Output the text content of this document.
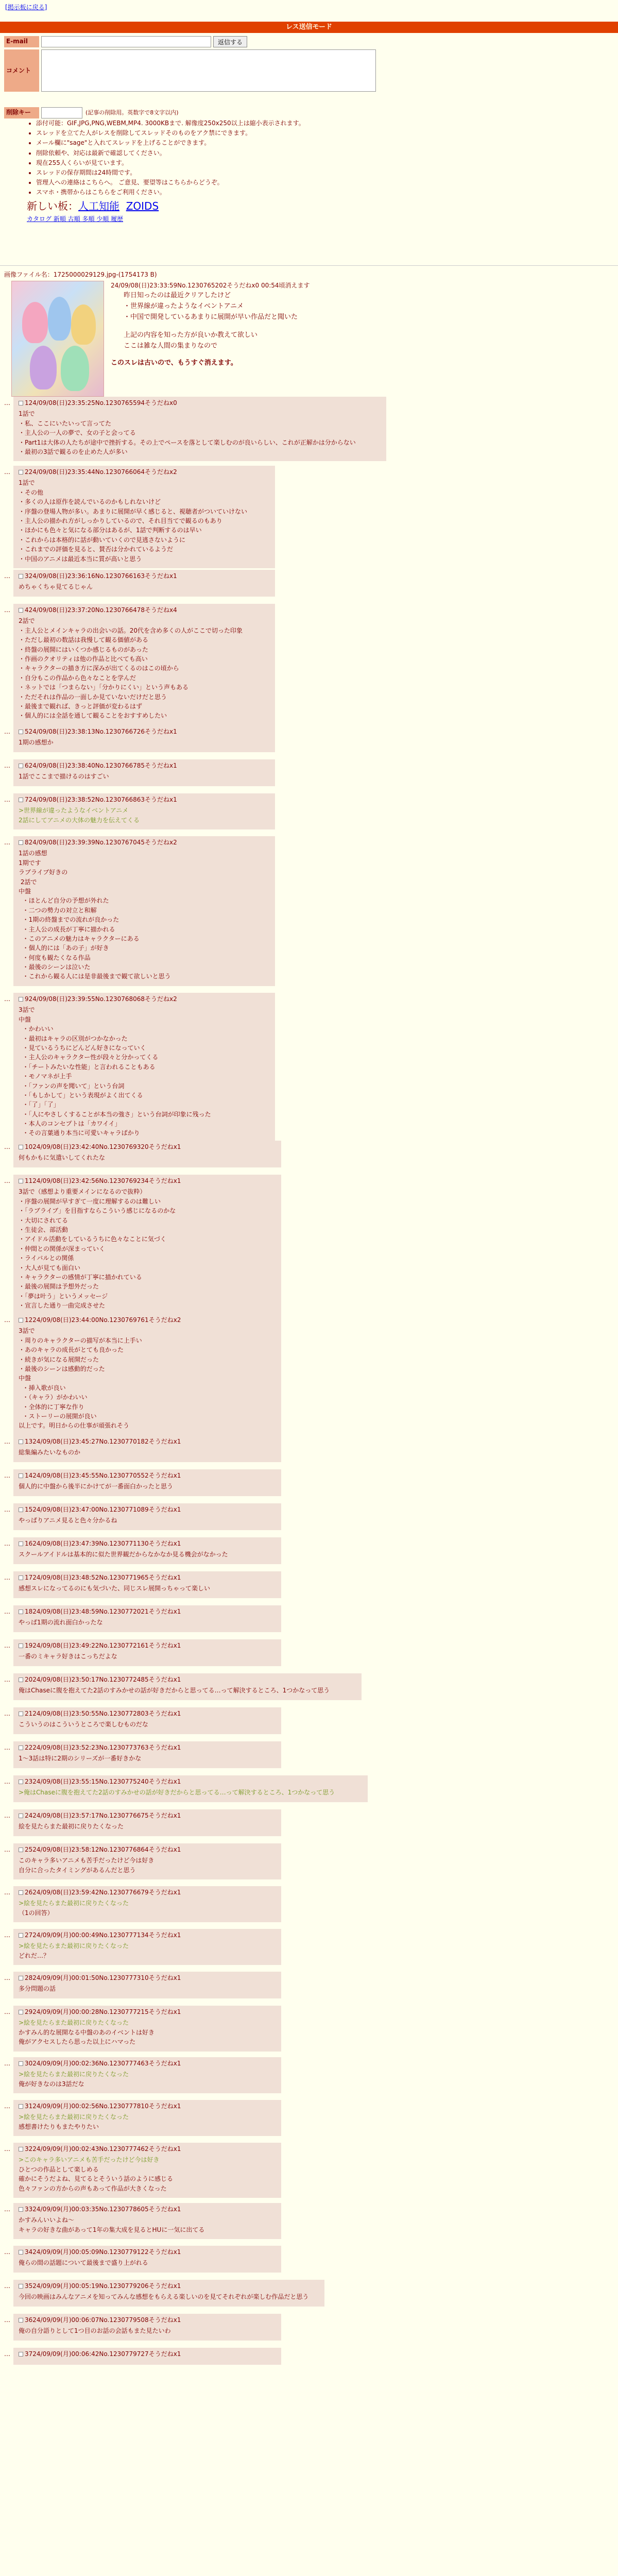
[掲示板に戻る]
レス送信モード
E-mail	返信する
コメント
削除キー	(記事の削除用。英数字で8文字以内)
• 添付可能：GIF,JPG,PNG,WEBM,MP4. 3000KBまで. 解像度250x250以上は縮小表示されます。
• スレッドを立てた人がレスを削除してスレッドそのものをアク禁にできます。
• メール欄に"sage"と入れてスレッドを上げることができます。
• 削除依頼や、対応は最新で確認してください。
• 現在255人くらいが見ています。
• スレッドの保存期間は24時間です。
• 管理人への連絡はこちらへ。 ご意見、要望等はこちらからどうぞ。
• スマホ・携帯からはこちらをご利用ください。
新しい板：人工知能 ZOIDS
カタログ 新順 古順 多順 少順 履歴
画像ファイル名：1725000029129.jpg-(1754173 B)
24/09/08(日)23:33:59No.1230765202そうだねx0 00:54頃消えます

昨日知ったのは最近クリアしたけど

・世界線が違ったようなイベントアニメ

・中国で開発しているあまりに展開が早い作品だと聞いた

上記の内容を知った方が良いか教えて欲しい

ここは雑な人間の集まりなので

このスレは古いので、もうすぐ消えます。
…	124/09/08(日)23:35:25No.1230765594そうだねx0
1話で
・私、ここにいたいって言ってた
・主人公の一人の夢で、女の子と会ってる
・Part1は大体の人たちが途中で挫折する。その上でペースを落として楽しむのが良いらしい、これが正解かは分からない
・最初の3話で観るのを止めた人が多い
…	224/09/08(日)23:35:44No.1230766064そうだねx2
1話で
・その他
・多くの人は原作を読んでいるのかもしれないけど
・序盤の登場人物が多い。あまりに展開が早く感じると、視聴者がついていけない
・主人公の描かれ方がしっかりしているので、それ目当てで観るのもあり
・ほかにも色々と気になる部分はあるが、1話で判断するのは早い
・これからは本格的に話が動いていくので見逃さないように
・これまでの評価を見ると、賛否は分かれているようだ
・中国のアニメは最近本当に質が高いと思う
…	324/09/08(日)23:36:16No.1230766163そうだねx1
めちゃくちゃ見てるじゃん
…	424/09/08(日)23:37:20No.1230766478そうだねx4
2話で
・主人公とメインキャラの出会いの話。20代を含め多くの人がここで切った印象
・ただし最初の数話は我慢して観る価値がある
・終盤の展開にはいくつか感じるものがあった
・作画のクオリティは他の作品と比べても高い
・キャラクターの描き方に深みが出てくるのはこの頃から
・自分もこの作品から色々なことを学んだ
・ネットでは「つまらない」「分かりにくい」という声もある
・ただそれは作品の一面しか見ていないだけだと思う
・最後まで観れば、きっと評価が変わるはず
・個人的には全話を通して観ることをおすすめしたい
…	524/09/08(日)23:38:13No.1230766726そうだねx1
1期の感想か
…	624/09/08(日)23:38:40No.1230766785そうだねx1
1話でここまで描けるのはすごい
…	724/09/08(日)23:38:52No.1230766863そうだねx1
>世界線が違ったようなイベントアニメ
2話にしてアニメの大体の魅力を伝えてくる
…	824/09/08(日)23:39:39No.1230767045そうだねx2
1話の感想
1期です
ラブライブ好きの
2話で
中盤
・ほとんど自分の予想が外れた
・二つの勢力の対立と和解
・1期の終盤までの流れが良かった
・主人公の成長が丁寧に描かれる
・このアニメの魅力はキャラクターにある
・個人的には「あの子」が好き
・何度も観たくなる作品
・最後のシーンは泣いた
・これから観る人には是非最後まで観て欲しいと思う
…	924/09/08(日)23:39:55No.1230768068そうだねx2
3話で
中盤
・かわいい
・最初はキャラの区別がつかなかった
・見ているうちにどんどん好きになっていく
・主人公のキャラクター性が段々と分かってくる
・「チートみたいな性能」と言われることもある
・モノマネが上手
・「ファンの声を聞いて」という台詞
・「もしかして」という表現がよく出てくる
・「了」「了」
・「人にやさしくすることが本当の強さ」という台詞が印象に残った
・本人のコンセプトは「カワイイ」
・その言葉通り本当に可愛いキャラばかり
…	1024/09/08(日)23:42:40No.1230769320そうだねx1
何もかもに気遣いしてくれたな
…	1124/09/08(日)23:42:56No.1230769234そうだねx1
3話で（感想より重要メインになるので抜粋）
・序盤の展開が早すぎて一度に理解するのは難しい
・「ラブライブ」を目指すならこういう感じになるのかな
・大切にされてる
・生徒会、部活動
・アイドル活動をしているうちに色々なことに気づく
・仲間との関係が深まっていく
・ライバルとの関係
・大人が見ても面白い
・キャラクターの感情が丁寧に描かれている
・最後の展開は予想外だった
・「夢は叶う」というメッセージ
・宣言した通り一曲完成させた
…	1224/09/08(日)23:44:00No.1230769761そうだねx2
3話で
・周りのキャラクターの描写が本当に上手い
・あのキャラの成長がとても良かった
・続きが気になる展開だった
・最後のシーンは感動的だった
中盤
・挿入歌が良い
・（キャラ）がかわいい
・全体的に丁寧な作り
・ストーリーの展開が良い
以上です。明日からの仕事が頑張れそう
…	1324/09/08(日)23:45:27No.1230770182そうだねx1
総集編みたいなものか
…	1424/09/08(日)23:45:55No.1230770552そうだねx1
個人的に中盤から後半にかけてが一番面白かったと思う
…	1524/09/08(日)23:47:00No.1230771089そうだねx1
やっぱりアニメ見ると色々分かるね
…	1624/09/08(日)23:47:39No.1230771130そうだねx1
スクールアイドルは基本的に似た世界観だからなかなか見る機会がなかった
…	1724/09/08(日)23:48:52No.1230771965そうだねx1
感想スレになってるのにも気づいた、同じスレ展開っちゃって楽しい
…	1824/09/08(日)23:48:59No.1230772021そうだねx1
やっぱ1期の流れ面白かったな
…	1924/09/08(日)23:49:22No.1230772161そうだねx1
一番のミキャラ好きはこっちだよな
…	2024/09/08(日)23:50:17No.1230772485そうだねx1
俺はChaseに腹を抱えてた2話のすみかせの話が好きだからと思ってる…って解決するところ、1つかなって思う
…	2124/09/08(日)23:50:55No.1230772803そうだねx1
こういうのはこういうところで楽しむものだな
…	2224/09/08(日)23:52:23No.1230773763そうだねx1
1〜3話は特に2期のシリーズが一番好きかな
…	2324/09/08(日)23:55:15No.1230775240そうだねx1
>俺はChaseに腹を抱えてた2話のすみかせの話が好きだからと思ってる…って解決するところ、1つかなって思う
…	2424/09/08(日)23:57:17No.1230776675そうだねx1
絵を見たらまた最初に戻りたくなった
…	2524/09/08(日)23:58:12No.1230776864そうだねx1
このキャラ多いアニメも苦手だったけど今は好き
自分に合ったタイミングがあるんだと思う
…	2624/09/08(日)23:59:42No.1230776679そうだねx1
>絵を見たらまた最初に戻りたくなった
（1の回答）
…	2724/09/09(月)00:00:49No.1230777134そうだねx1
>絵を見たらまた最初に戻りたくなった
どれだ…？
…	2824/09/09(月)00:01:50No.1230777310そうだねx1
多分問題の話
…	2924/09/09(月)00:00:28No.1230777215そうだねx1
>絵を見たらまた最初に戻りたくなった
かすみん的な展開なる中盤のあのイベントは好き
俺がアクセスしたら思った以上にハマった
…	3024/09/09(月)00:02:36No.1230777463そうだねx1
>絵を見たらまた最初に戻りたくなった
俺が好きなのは3話だな
…	3124/09/09(月)00:02:56No.1230777810そうだねx1
>絵を見たらまた最初に戻りたくなった
感想書けたりもまたやりたい
…	3224/09/09(月)00:02:43No.1230777462そうだねx1
>このキャラ多いアニメも苦手だったけど今は好き
ひとつの作品として楽しめる
確かにそうだよね、見てるとそういう話のように感じる
色々ファンの方からの声もあって作品が大きくなった
…	3324/09/09(月)00:03:35No.1230778605そうだねx1
かすみんいいよね〜
キャラの好きな曲があって1年の集大成を見るとHUに一気に出てる
…	3424/09/09(月)00:05:09No.1230779122そうだねx1
俺らの間の話題について最後まで盛り上がれる
…	3524/09/09(月)00:05:19No.1230779206そうだねx1
今回の映画はみんなアニメを知ってみんな感想をもらえる楽しいのを見てそれぞれが楽しむ作品だと思う
…	3624/09/09(月)00:06:07No.1230779508そうだねx1
俺の自分語りとして1つ目のお話の会話もまた見たいわ
…	3724/09/09(月)00:06:42No.1230779727そうだねx1
